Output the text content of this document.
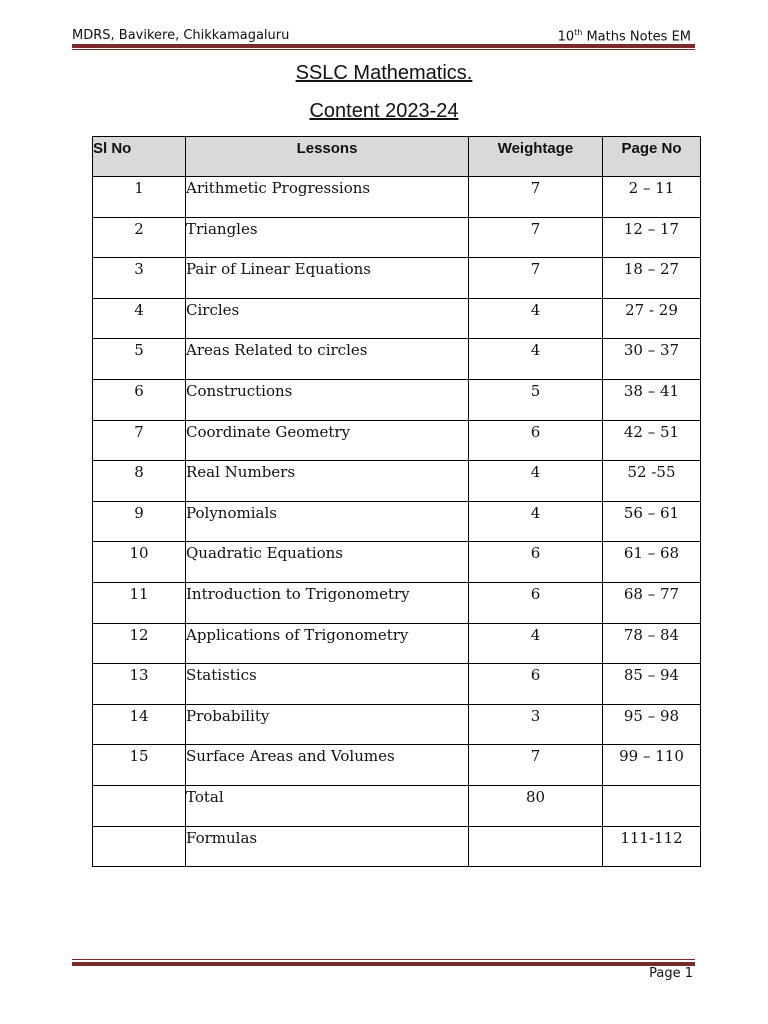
MDRS, Bavikere, Chikkamagaluru	10th Maths Notes EM
SSLC Mathematics.
Content 2023-24
Sl No	Lessons	Weightage	Page No
1	Arithmetic Progressions	7	2 – 11
2	Triangles	7	12 – 17
3	Pair of Linear Equations	7	18 – 27
4	Circles	4	27 - 29
5	Areas Related to circles	4	30 – 37
6	Constructions	5	38 – 41
7	Coordinate Geometry	6	42 – 51
8	Real Numbers	4	52 -55
9	Polynomials	4	56 – 61
10	Quadratic Equations	6	61 – 68
11	Introduction to Trigonometry	6	68 – 77
12	Applications of Trigonometry	4	78 – 84
13	Statistics	6	85 – 94
14	Probability	3	95 – 98
15	Surface Areas and Volumes	7	99 – 110
	Total	80	
	Formulas		111-112
Page 1
